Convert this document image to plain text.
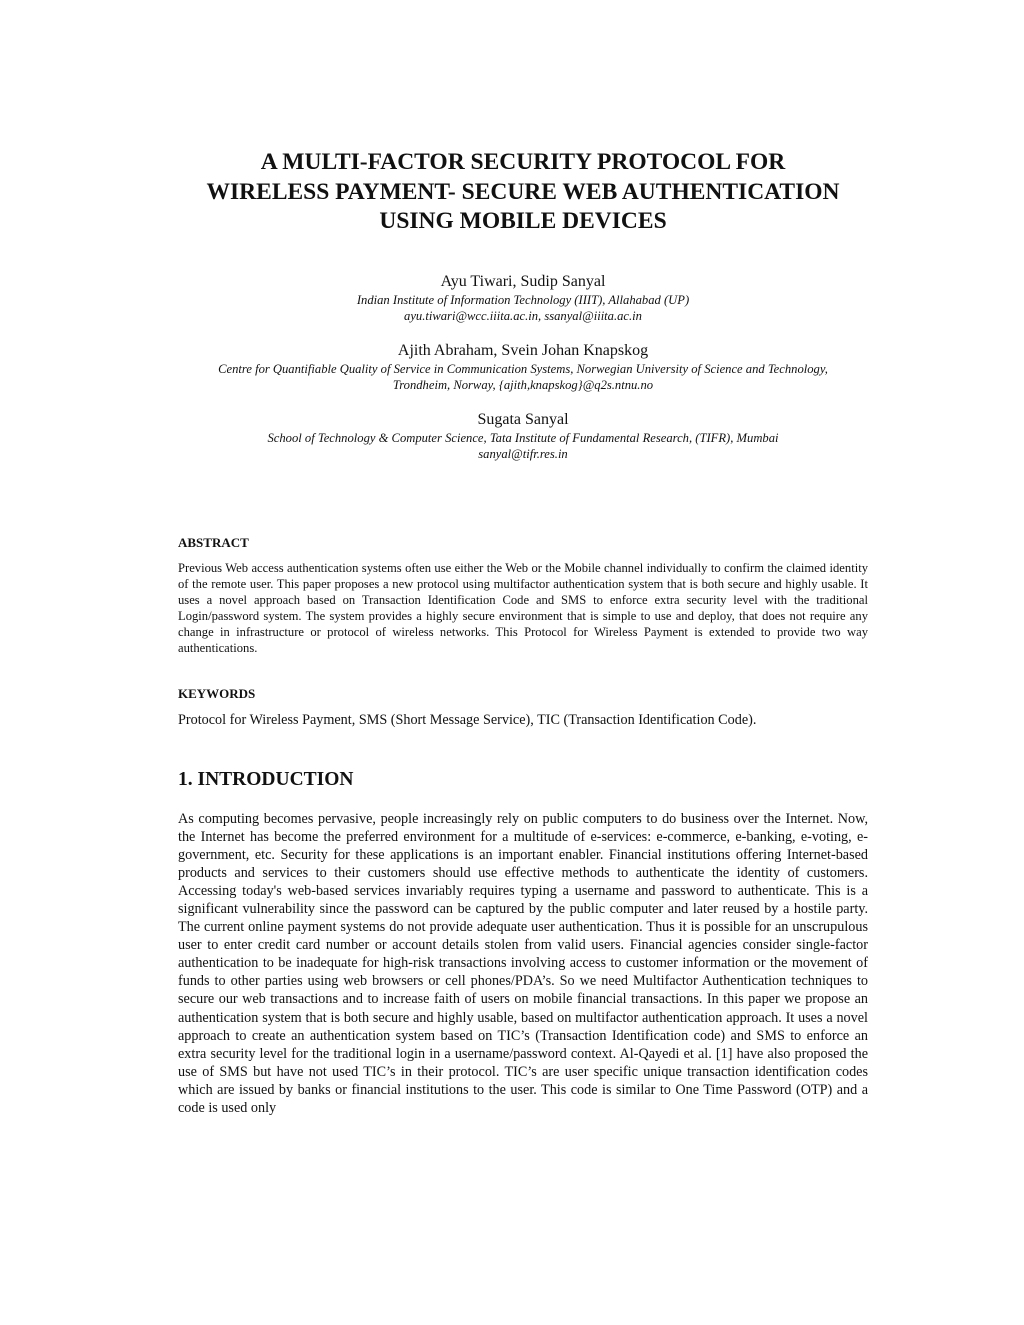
A MULTI-FACTOR SECURITY PROTOCOL FOR
WIRELESS PAYMENT- SECURE WEB AUTHENTICATION
USING MOBILE DEVICES
Ayu Tiwari, Sudip Sanyal
Indian Institute of Information Technology (IIIT), Allahabad (UP)
ayu.tiwari@wcc.iiita.ac.in, ssanyal@iiita.ac.in
Ajith Abraham, Svein Johan Knapskog
Centre for Quantifiable Quality of Service in Communication Systems, Norwegian University of Science and Technology,
Trondheim, Norway, {ajith,knapskog}@q2s.ntnu.no
Sugata Sanyal
School of Technology & Computer Science, Tata Institute of Fundamental Research, (TIFR), Mumbai
sanyal@tifr.res.in
ABSTRACT

Previous Web access authentication systems often use either the Web or the Mobile channel individually to confirm the claimed identity of the remote user. This paper proposes a new protocol using multifactor authentication system that is both secure and highly usable. It uses a novel approach based on Transaction Identification Code and SMS to enforce extra security level with the traditional Login/password system. The system provides a highly secure environment that is simple to use and deploy, that does not require any change in infrastructure or protocol of wireless networks. This Protocol for Wireless Payment is extended to provide two way authentications.

KEYWORDS

Protocol for Wireless Payment, SMS (Short Message Service), TIC (Transaction Identification Code).

1. INTRODUCTION

As computing becomes pervasive, people increasingly rely on public computers to do business over the Internet. Now, the Internet has become the preferred environment for a multitude of e-services: e-commerce, e-banking, e-voting, e-government, etc. Security for these applications is an important enabler. Financial institutions offering Internet-based products and services to their customers should use effective methods to authenticate the identity of customers. Accessing today's web-based services invariably requires typing a username and password to authenticate. This is a significant vulnerability since the password can be captured by the public computer and later reused by a hostile party. The current online payment systems do not provide adequate user authentication. Thus it is possible for an unscrupulous user to enter credit card number or account details stolen from valid users. Financial agencies consider single-factor authentication to be inadequate for high-risk transactions involving access to customer information or the movement of funds to other parties using web browsers or cell phones/PDA’s. So we need Multifactor Authentication techniques to secure our web transactions and to increase faith of users on mobile financial transactions. In this paper we propose an authentication system that is both secure and highly usable, based on multifactor authentication approach. It uses a novel approach to create an authentication system based on TIC’s (Transaction Identification code) and SMS to enforce an extra security level for the traditional login in a username/password context. Al-Qayedi et al. [1] have also proposed the use of SMS but have not used TIC’s in their protocol. TIC’s are user specific unique transaction identification codes which are issued by banks or financial institutions to the user. This code is similar to One Time Password (OTP) and a code is used only
